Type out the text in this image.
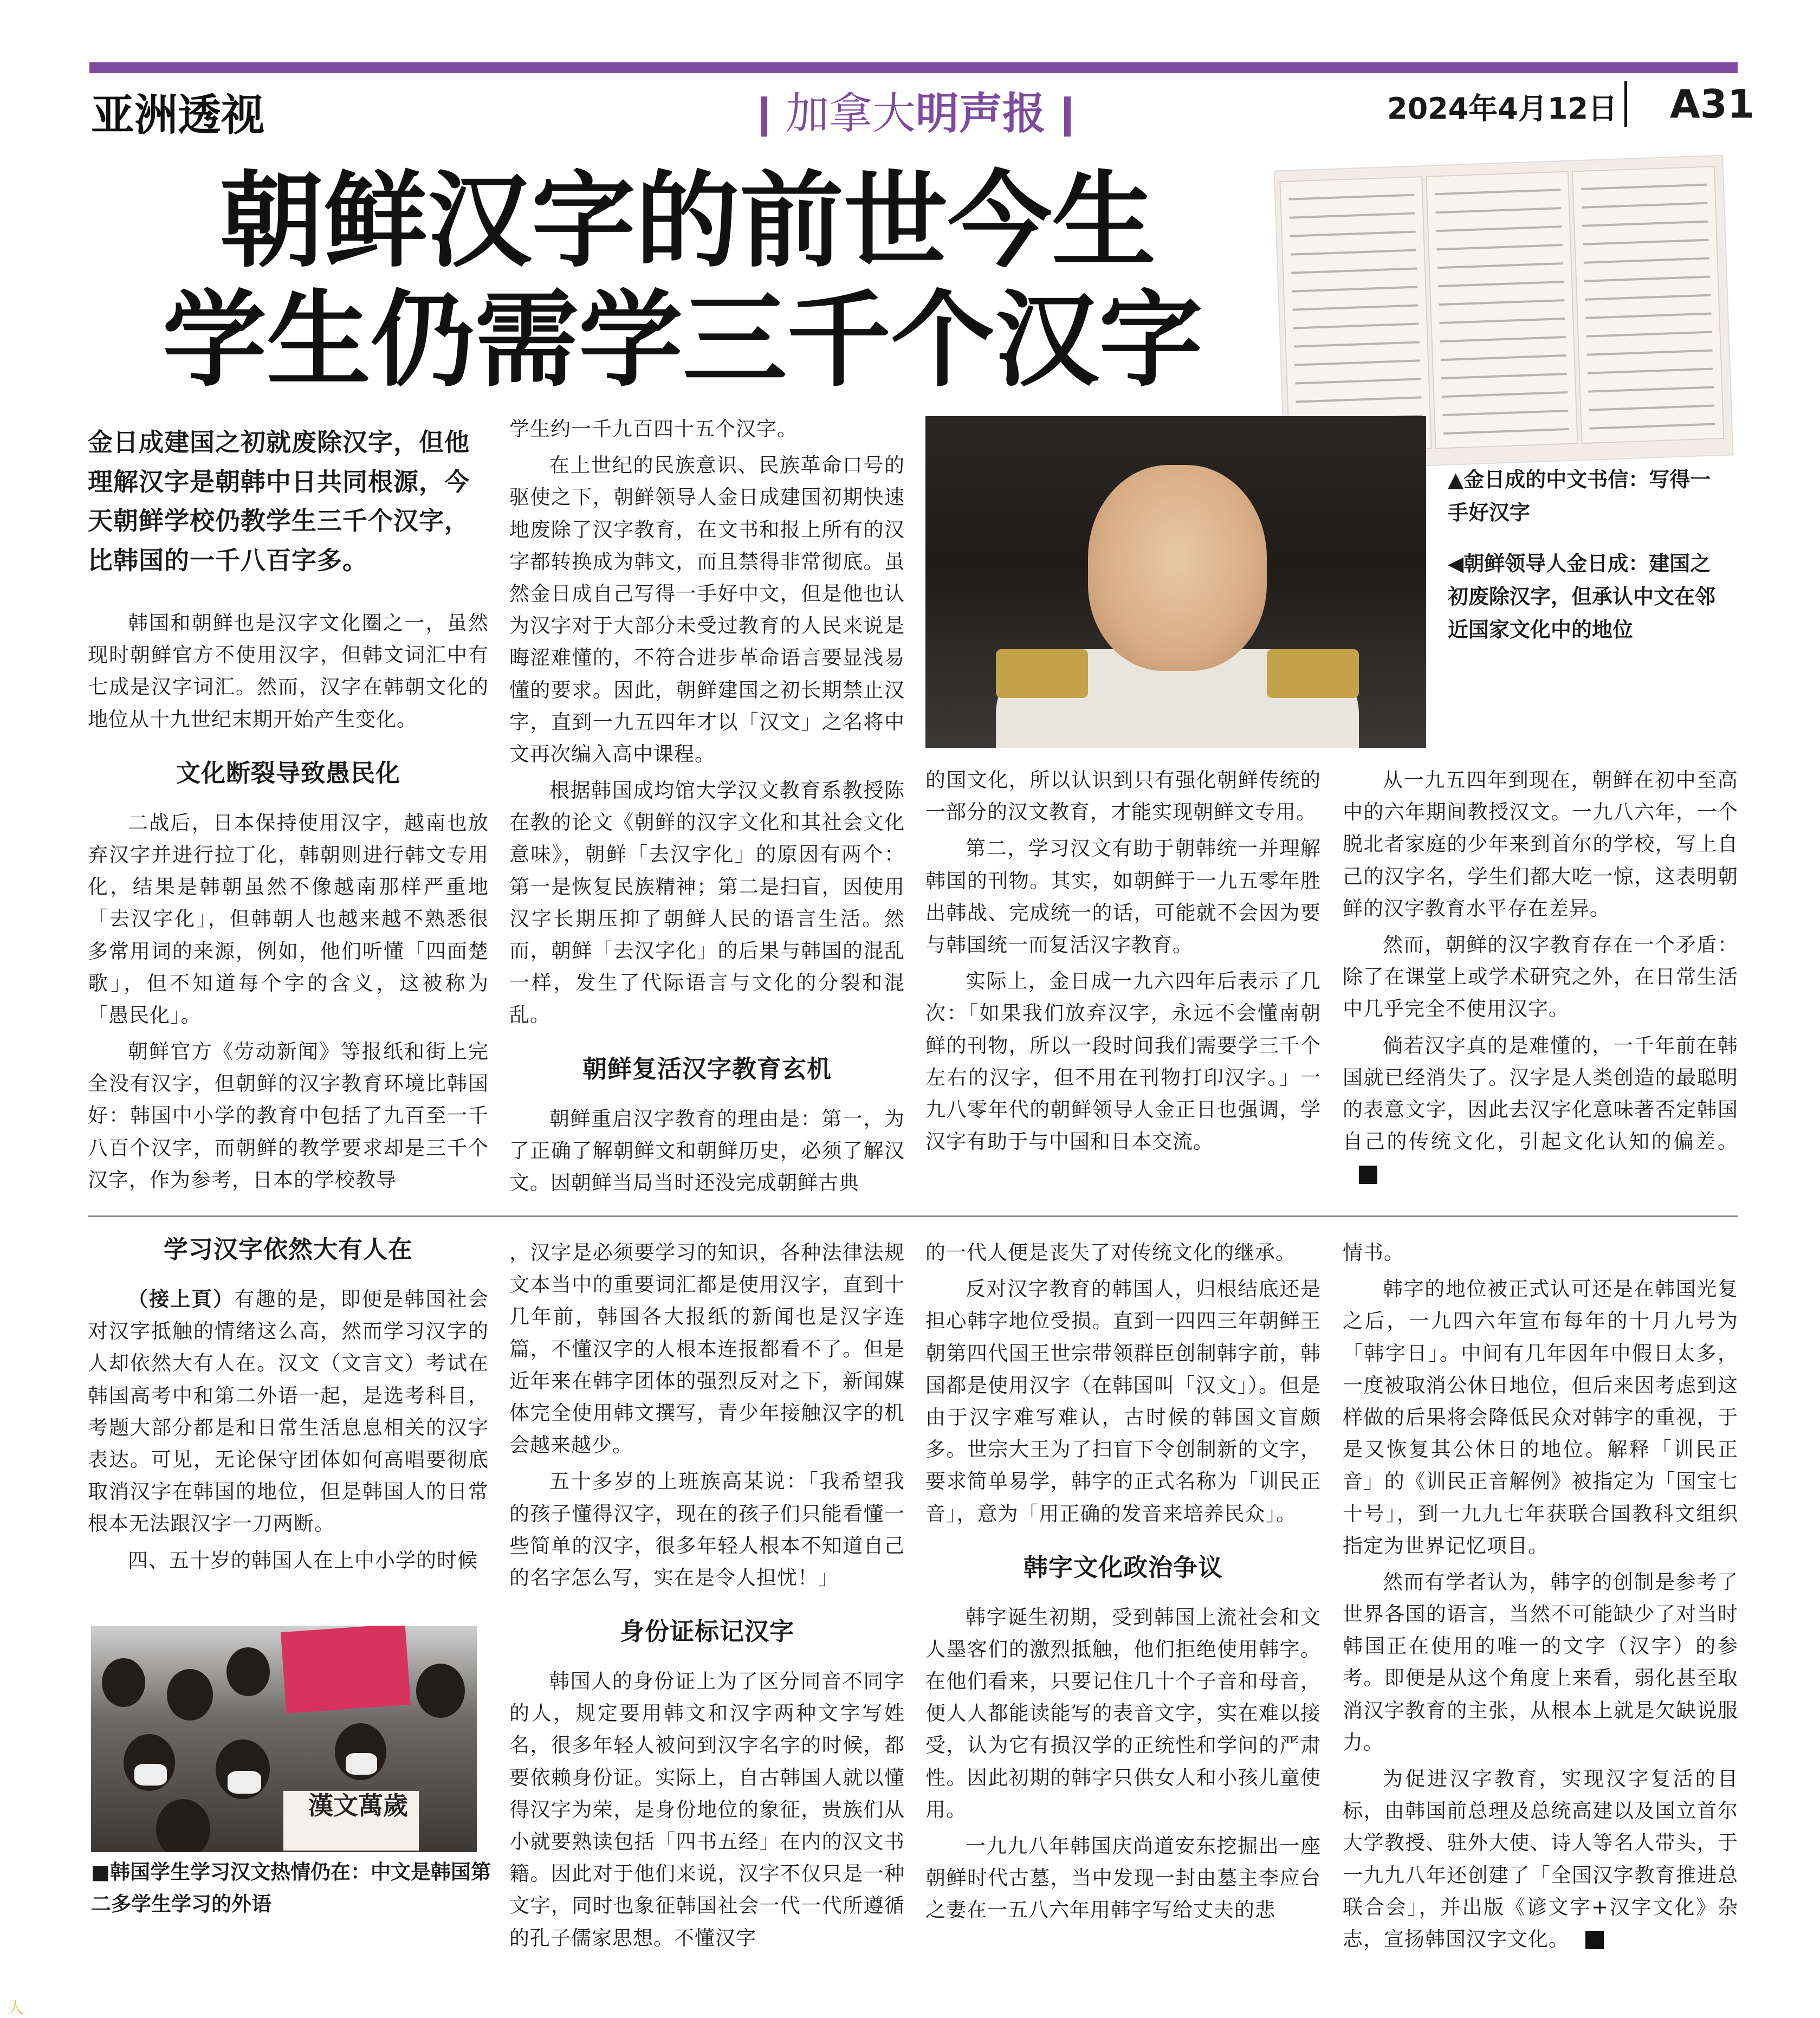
亚洲透视	加拿大明声报	2024年4月12日 A31
朝鲜汉字的前世今生
学生仍需学三千个汉字
▲金日成的中文书信：写得一手好汉字
◀朝鲜领导人金日成：建国之初废除汉字，但承认中文在邻近国家文化中的地位
金日成建国之初就废除汉字，但他理解汉字是朝韩中日共同根源，今天朝鲜学校仍教学生三千个汉字，比韩国的一千八百字多。

韩国和朝鲜也是汉字文化圈之一，虽然现时朝鲜官方不使用汉字，但韩文词汇中有七成是汉字词汇。然而，汉字在韩朝文化的地位从十九世纪末期开始产生变化。

文化断裂导致愚民化

二战后，日本保持使用汉字，越南也放弃汉字并进行拉丁化，韩朝则进行韩文专用化，结果是韩朝虽然不像越南那样严重地「去汉字化」，但韩朝人也越来越不熟悉很多常用词的来源，例如，他们听懂「四面楚歌」，但不知道每个字的含义，这被称为「愚民化」。

朝鲜官方《劳动新闻》等报纸和街上完全没有汉字，但朝鲜的汉字教育环境比韩国好：韩国中小学的教育中包括了九百至一千八百个汉字，而朝鲜的教学要求却是三千个汉字，作为参考，日本的学校教导

学生约一千九百四十五个汉字。

在上世纪的民族意识、民族革命口号的驱使之下，朝鲜领导人金日成建国初期快速地废除了汉字教育，在文书和报上所有的汉字都转换成为韩文，而且禁得非常彻底。虽然金日成自己写得一手好中文，但是他也认为汉字对于大部分未受过教育的人民来说是晦涩难懂的，不符合进步革命语言要显浅易懂的要求。因此，朝鲜建国之初长期禁止汉字，直到一九五四年才以「汉文」之名将中文再次编入高中课程。

根据韩国成均馆大学汉文教育系教授陈在教的论文《朝鲜的汉字文化和其社会文化意味》，朝鲜「去汉字化」的原因有两个：第一是恢复民族精神；第二是扫盲，因使用汉字长期压抑了朝鲜人民的语言生活。然而，朝鲜「去汉字化」的后果与韩国的混乱一样，发生了代际语言与文化的分裂和混乱。

朝鲜复活汉字教育玄机

朝鲜重启汉字教育的理由是：第一，为了正确了解朝鲜文和朝鲜历史，必须了解汉文。因朝鲜当局当时还没完成朝鲜古典

的国文化，所以认识到只有强化朝鲜传统的一部分的汉文教育，才能实现朝鲜文专用。

第二，学习汉文有助于朝韩统一并理解韩国的刊物。其实，如朝鲜于一九五零年胜出韩战、完成统一的话，可能就不会因为要与韩国统一而复活汉字教育。

实际上，金日成一九六四年后表示了几次：「如果我们放弃汉字，永远不会懂南朝鲜的刊物，所以一段时间我们需要学三千个左右的汉字，但不用在刊物打印汉字。」一九八零年代的朝鲜领导人金正日也强调，学汉字有助于与中国和日本交流。

从一九五四年到现在，朝鲜在初中至高中的六年期间教授汉文。一九八六年，一个脱北者家庭的少年来到首尔的学校，写上自己的汉字名，学生们都大吃一惊，这表明朝鲜的汉字教育水平存在差异。

然而，朝鲜的汉字教育存在一个矛盾：除了在课堂上或学术研究之外，在日常生活中几乎完全不使用汉字。

倘若汉字真的是难懂的，一千年前在韩国就已经消失了。汉字是人类创造的最聪明的表意文字，因此去汉字化意味著否定韩国自己的传统文化，引起文化认知的偏差。

学习汉字依然大有人在

（接上頁）有趣的是，即便是韩国社会对汉字抵触的情绪这么高，然而学习汉字的人却依然大有人在。汉文（文言文）考试在韩国高考中和第二外语一起，是选考科目，考题大部分都是和日常生活息息相关的汉字表达。可见，无论保守团体如何高唱要彻底取消汉字在韩国的地位，但是韩国人的日常根本无法跟汉字一刀两断。

四、五十岁的韩国人在上中小学的时候

漢文萬歲
■韩国学生学习汉文热情仍在：中文是韩国第二多学生学习的外语

，汉字是必须要学习的知识，各种法律法规文本当中的重要词汇都是使用汉字，直到十几年前，韩国各大报纸的新闻也是汉字连篇，不懂汉字的人根本连报都看不了。但是近年来在韩字团体的强烈反对之下，新闻媒体完全使用韩文撰写，青少年接触汉字的机会越来越少。

五十多岁的上班族高某说：「我希望我的孩子懂得汉字，现在的孩子们只能看懂一些简单的汉字，很多年轻人根本不知道自己的名字怎么写，实在是令人担忧！」

身份证标记汉字

韩国人的身份证上为了区分同音不同字的人，规定要用韩文和汉字两种文字写姓名，很多年轻人被问到汉字名字的时候，都要依赖身份证。实际上，自古韩国人就以懂得汉字为荣，是身份地位的象征，贵族们从小就要熟读包括「四书五经」在内的汉文书籍。因此对于他们来说，汉字不仅只是一种文字，同时也象征韩国社会一代一代所遵循的孔子儒家思想。不懂汉字

的一代人便是丧失了对传统文化的继承。

反对汉字教育的韩国人，归根结底还是担心韩字地位受损。直到一四四三年朝鲜王朝第四代国王世宗带领群臣创制韩字前，韩国都是使用汉字（在韩国叫「汉文」）。但是由于汉字难写难认，古时候的韩国文盲颇多。世宗大王为了扫盲下令创制新的文字，要求简单易学，韩字的正式名称为「训民正音」，意为「用正确的发音来培养民众」。

韩字文化政治争议

韩字诞生初期，受到韩国上流社会和文人墨客们的激烈抵触，他们拒绝使用韩字。在他们看来，只要记住几十个子音和母音，便人人都能读能写的表音文字，实在难以接受，认为它有损汉学的正统性和学问的严肃性。因此初期的韩字只供女人和小孩儿童使用。

一九九八年韩国庆尚道安东挖掘出一座朝鲜时代古墓，当中发现一封由墓主李应台之妻在一五八六年用韩字写给丈夫的悲

情书。

韩字的地位被正式认可还是在韩国光复之后，一九四六年宣布每年的十月九号为「韩字日」。中间有几年因年中假日太多，一度被取消公休日地位，但后来因考虑到这样做的后果将会降低民众对韩字的重视，于是又恢复其公休日的地位。解释「训民正音」的《训民正音解例》被指定为「国宝七十号」，到一九九七年获联合国教科文组织指定为世界记忆项目。

然而有学者认为，韩字的创制是参考了世界各国的语言，当然不可能缺少了对当时韩国正在使用的唯一的文字（汉字）的参考。即便是从这个角度上来看，弱化甚至取消汉字教育的主张，从根本上就是欠缺说服力。

为促进汉字教育，实现汉字复活的目标，由韩国前总理及总统高建以及国立首尔大学教授、驻外大使、诗人等名人带头，于一九九八年还创建了「全国汉字教育推进总联合会」，并出版《谚文字+汉字文化》杂志，宣扬韩国汉字文化。

人
